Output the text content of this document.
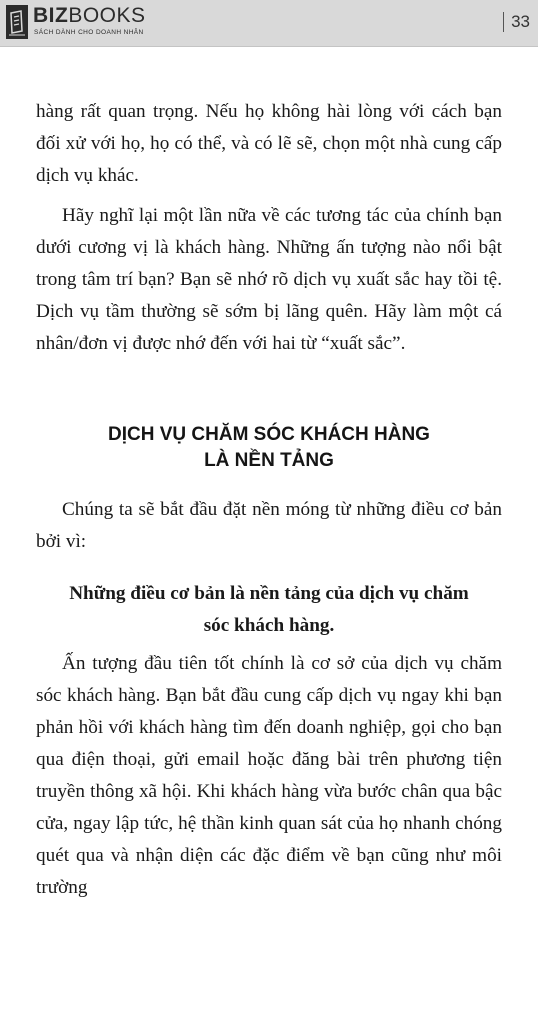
BIZBOOKS
SÁCH DÀNH CHO DOANH NHÂN
33

hàng rất quan trọng. Nếu họ không hài lòng với cách bạn đối xử với họ, họ có thể, và có lẽ sẽ, chọn một nhà cung cấp dịch vụ khác.

Hãy nghĩ lại một lần nữa về các tương tác của chính bạn dưới cương vị là khách hàng. Những ấn tượng nào nổi bật trong tâm trí bạn? Bạn sẽ nhớ rõ dịch vụ xuất sắc hay tồi tệ. Dịch vụ tầm thường sẽ sớm bị lãng quên. Hãy làm một cá nhân/đơn vị được nhớ đến với hai từ “xuất sắc”.

DỊCH VỤ CHĂM SÓC KHÁCH HÀNG
LÀ NỀN TẢNG

Chúng ta sẽ bắt đầu đặt nền móng từ những điều cơ bản bởi vì:

Những điều cơ bản là nền tảng của dịch vụ chăm
sóc khách hàng.

Ấn tượng đầu tiên tốt chính là cơ sở của dịch vụ chăm sóc khách hàng. Bạn bắt đầu cung cấp dịch vụ ngay khi bạn phản hồi với khách hàng tìm đến doanh nghiệp, gọi cho bạn qua điện thoại, gửi email hoặc đăng bài trên phương tiện truyền thông xã hội. Khi khách hàng vừa bước chân qua bậc cửa, ngay lập tức, hệ thần kinh quan sát của họ nhanh chóng quét qua và nhận diện các đặc điểm về bạn cũng như môi trường
